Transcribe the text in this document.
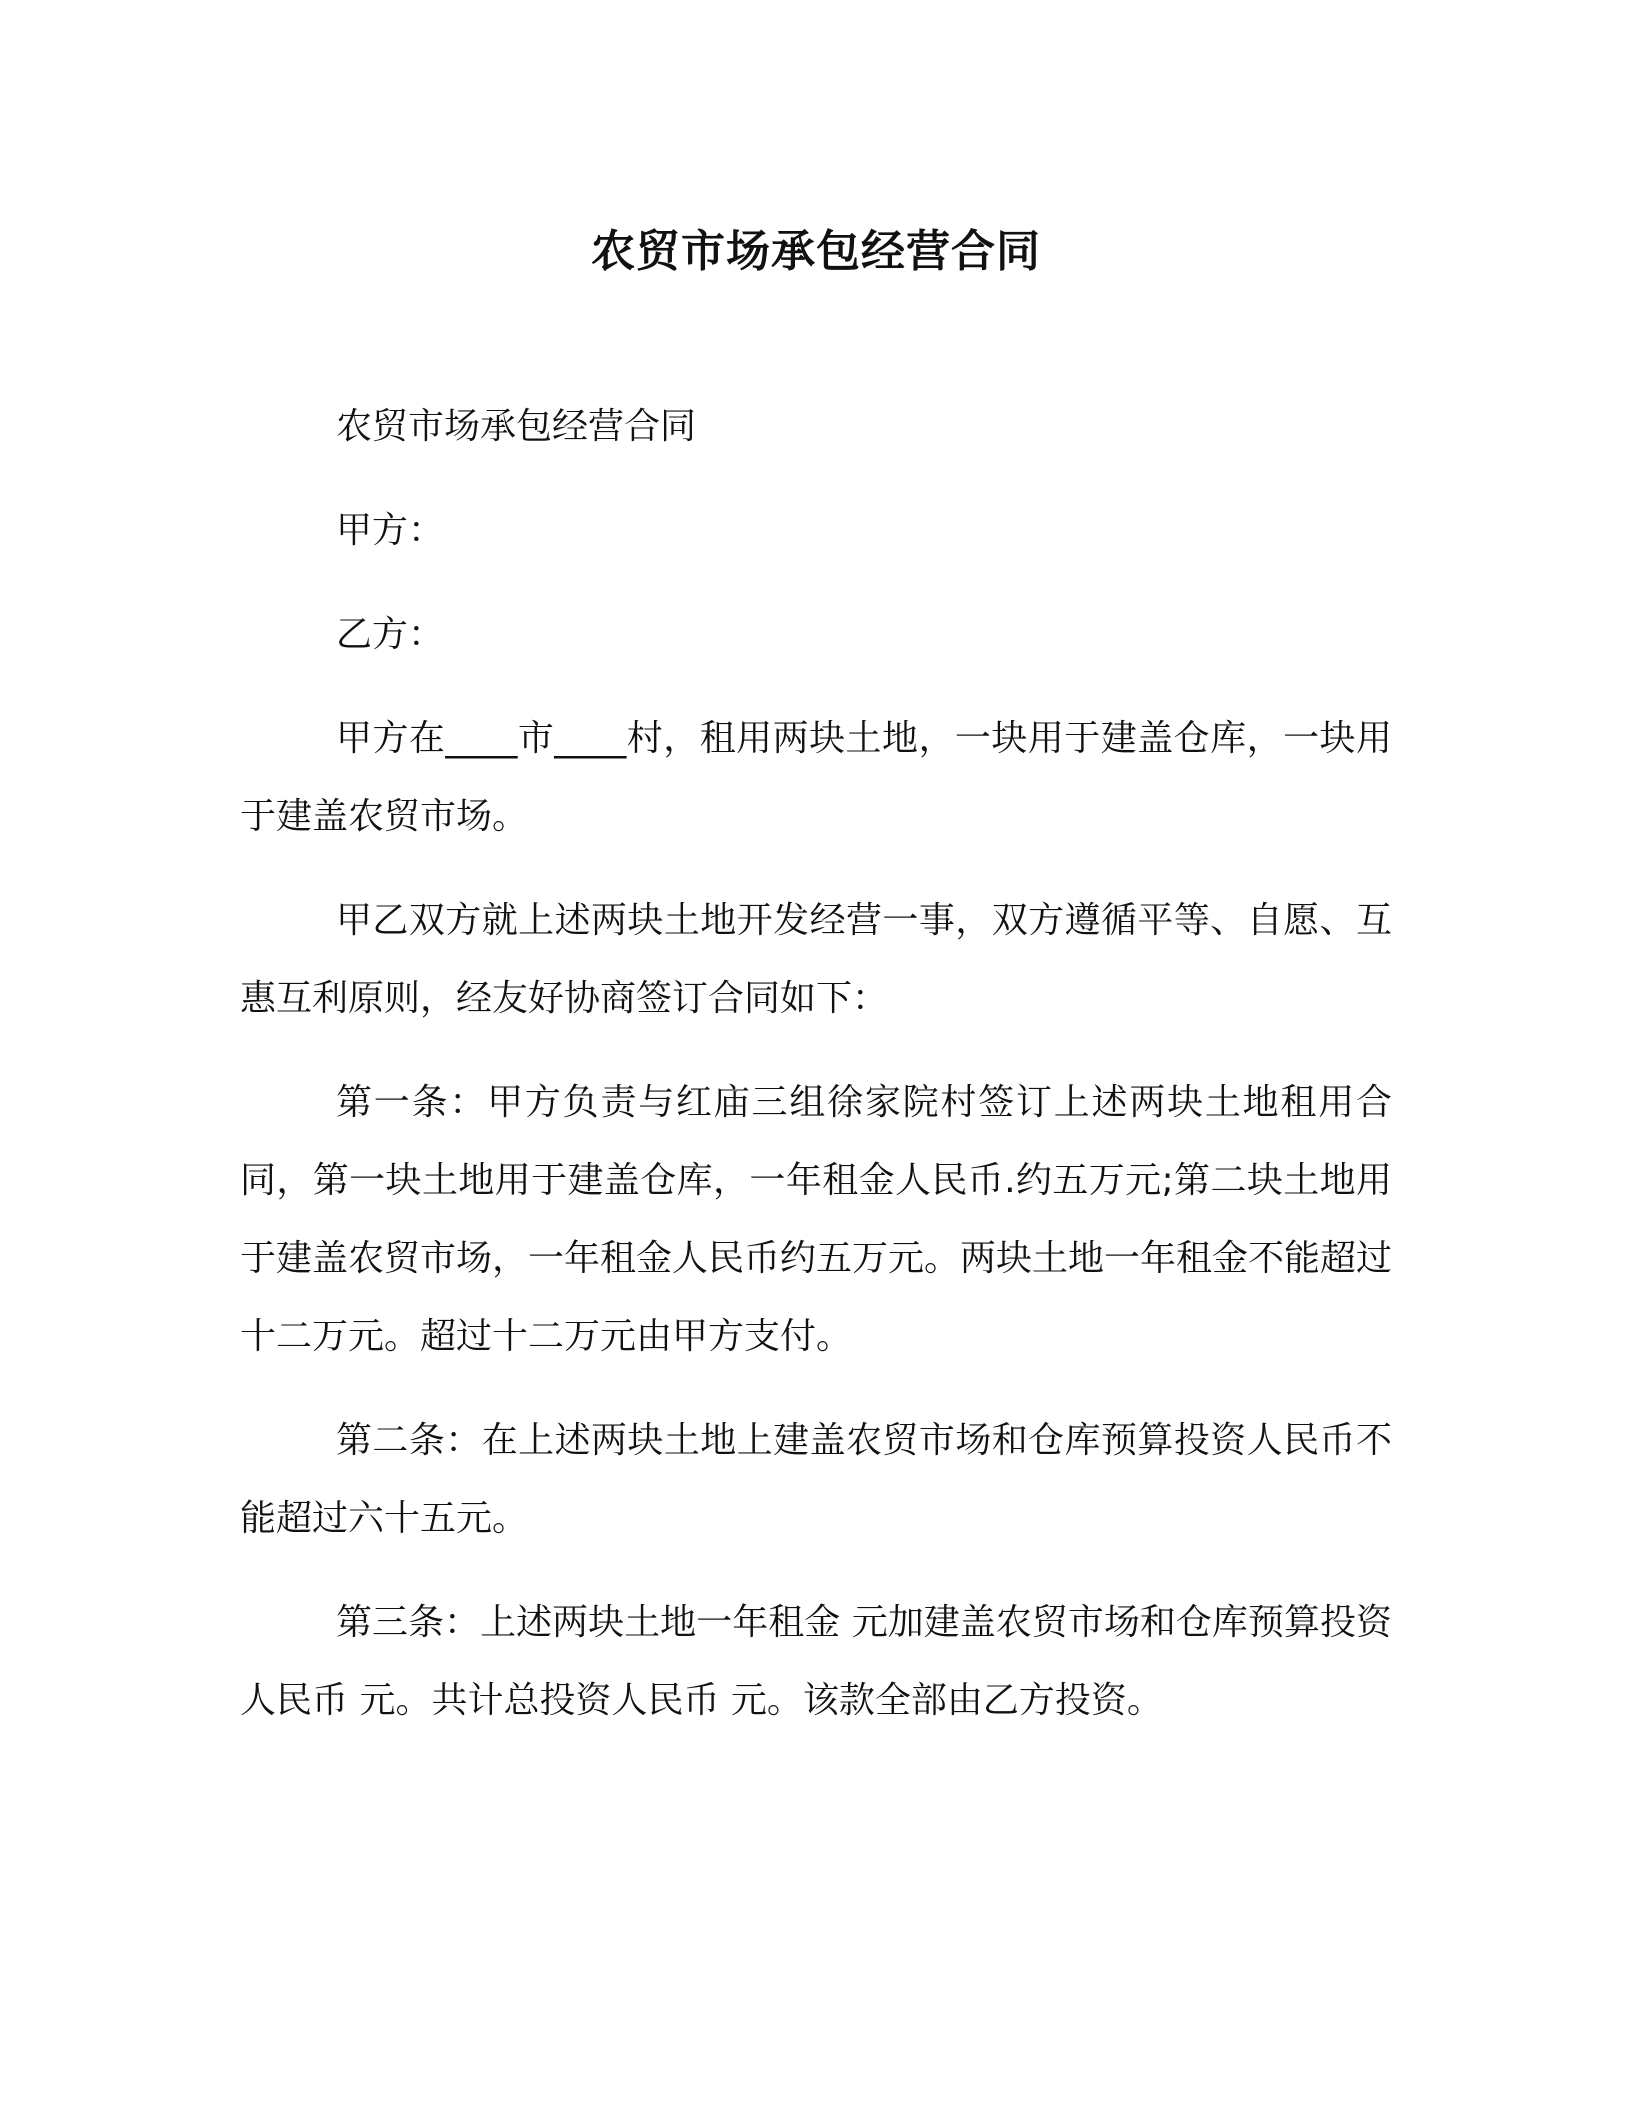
农贸市场承包经营合同

农贸市场承包经营合同

甲方：

乙方：

甲方在____市____村，租用两块土地，一块用于建盖仓库，一块用于建盖农贸市场。

甲乙双方就上述两块土地开发经营一事，双方遵循平等、自愿、互惠互利原则，经友好协商签订合同如下：

第一条：甲方负责与红庙三组徐家院村签订上述两块土地租用合同，第一块土地用于建盖仓库，一年租金人民币.约五万元;第二块土地用于建盖农贸市场，一年租金人民币约五万元。两块土地一年租金不能超过十二万元。超过十二万元由甲方支付。

第二条：在上述两块土地上建盖农贸市场和仓库预算投资人民币不能超过六十五元。

第三条：上述两块土地一年租金 元加建盖农贸市场和仓库预算投资人民币 元。共计总投资人民币 元。该款全部由乙方投资。
